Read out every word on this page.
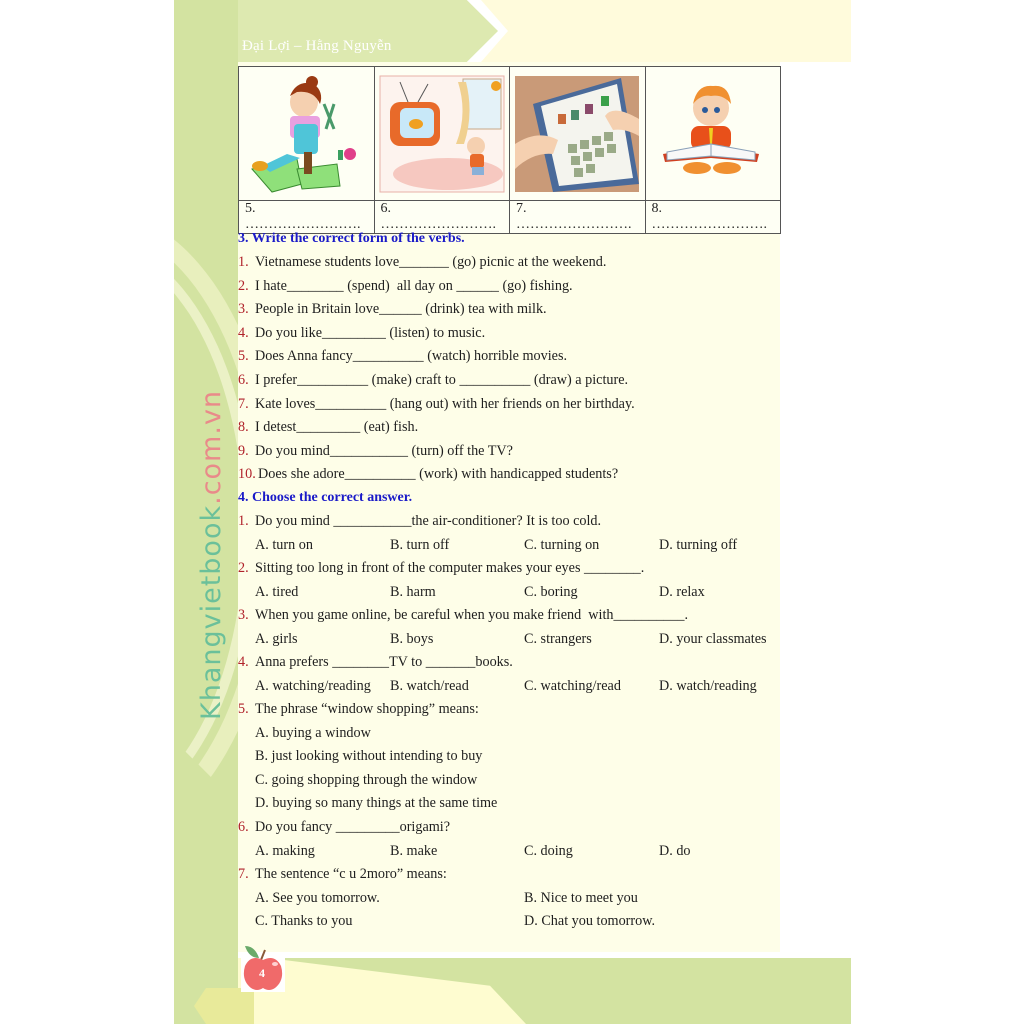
Đại Lợi – Hằng Nguyễn
Khangvietbook.com.vn

5. …………………….	6. …………………….	7. …………………….	8. …………………….
3. Write the correct form of the verbs.
1. Vietnamese students love_______ (go) picnic at the weekend.
2. I hate________ (spend)  all day on ______ (go) fishing.
3. People in Britain love______ (drink) tea with milk.
4. Do you like_________ (listen) to music.
5. Does Anna fancy__________ (watch) horrible movies.
6. I prefer__________ (make) craft to __________ (draw) a picture.
7. Kate loves__________ (hang out) with her friends on her birthday.
8. I detest_________ (eat) fish.
9. Do you mind___________ (turn) off the TV?
10. Does she adore__________ (work) with handicapped students?
4. Choose the correct answer.
1. Do you mind ___________the air-conditioner? It is too cold.
A. turn on	B. turn off	C. turning on	D. turning off
2. Sitting too long in front of the computer makes your eyes ________.
A. tired	B. harm	C. boring	D. relax
3. When you game online, be careful when you make friend  with__________.
A. girls	B. boys	C. strangers	D. your classmates
4. Anna prefers ________TV to _______books.
A. watching/reading B. watch/read	C. watching/read	D. watch/reading
5. The phrase “window shopping” means:
A. buying a window
B. just looking without intending to buy
C. going shopping through the window
D. buying so many things at the same time
6. Do you fancy _________origami?
A. making	B. make	C. doing	D. do
7. The sentence “c u 2moro” means:
A. See you tomorrow.	B. Nice to meet you
C. Thanks to you	D. Chat you tomorrow.
4
